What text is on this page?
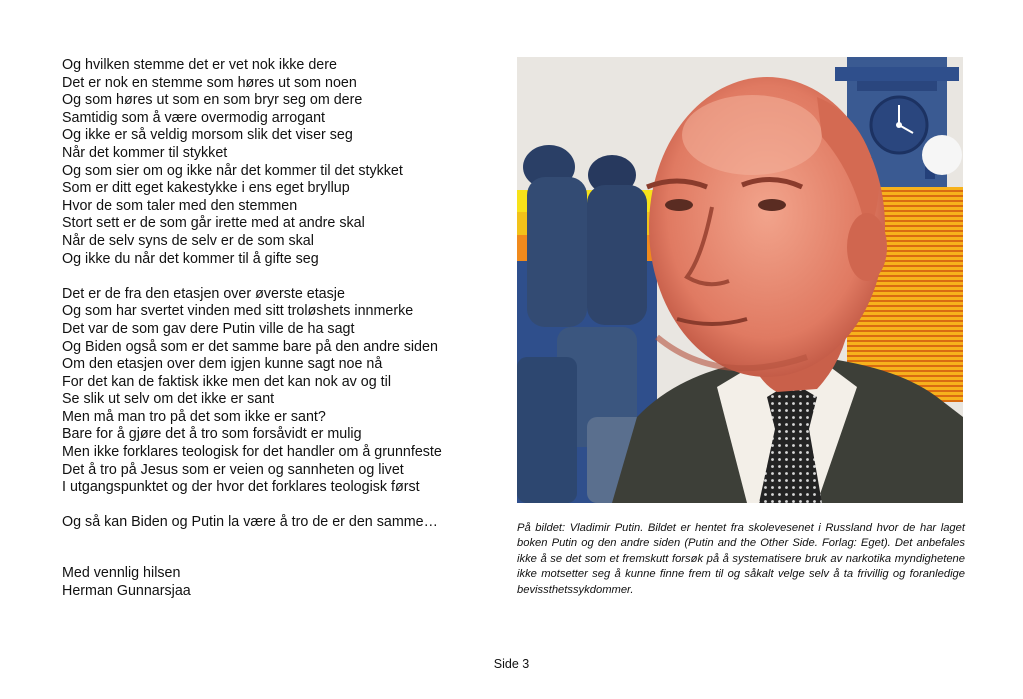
Og hvilken stemme det er vet nok ikke dere
Det er nok en stemme som høres ut som noen
Og som høres ut som en som bryr seg om dere
Samtidig som å være overmodig arrogant
Og ikke er så veldig morsom slik det viser seg
Når det kommer til stykket
Og som sier om og ikke når det kommer til det stykket
Som er ditt eget kakestykke i ens eget bryllup
Hvor de som taler med den stemmen
Stort sett er de som går irette med at andre skal
Når de selv syns de selv er de som skal
Og ikke du når det kommer til å gifte seg
Det er de fra den etasjen over øverste etasje
Og som har svertet vinden med sitt troløshets innmerke
Det var de som gav dere Putin ville de ha sagt
Og Biden også som er det samme bare på den andre siden
Om den etasjen over dem igjen kunne sagt noe nå
For det kan de faktisk ikke men det kan nok av og til
Se slik ut selv om det ikke er sant
Men må man tro på det som ikke er sant?
Bare for å gjøre det å tro som forsåvidt er mulig
Men ikke forklares teologisk for det handler om å grunnfeste
Det å tro på Jesus som er veien og sannheten og livet
I utgangspunktet og der hvor det forklares teologisk først
Og så kan Biden og Putin la være å tro de er den samme…
Med vennlig hilsen
Herman Gunnarsjaa

På bildet: Vladimir Putin. Bildet er hentet fra skolevesenet i Russland hvor de har laget boken Putin og den andre siden (Putin and the Other Side. Forlag: Eget). Det anbefales ikke å se det som et fremskutt forsøk på å systematisere bruk av narkotika myndighetene ikke motsetter seg å kunne finne frem til og såkalt velge selv å ta frivillig og foranledige bevissthetssykdommer.

Side 3
